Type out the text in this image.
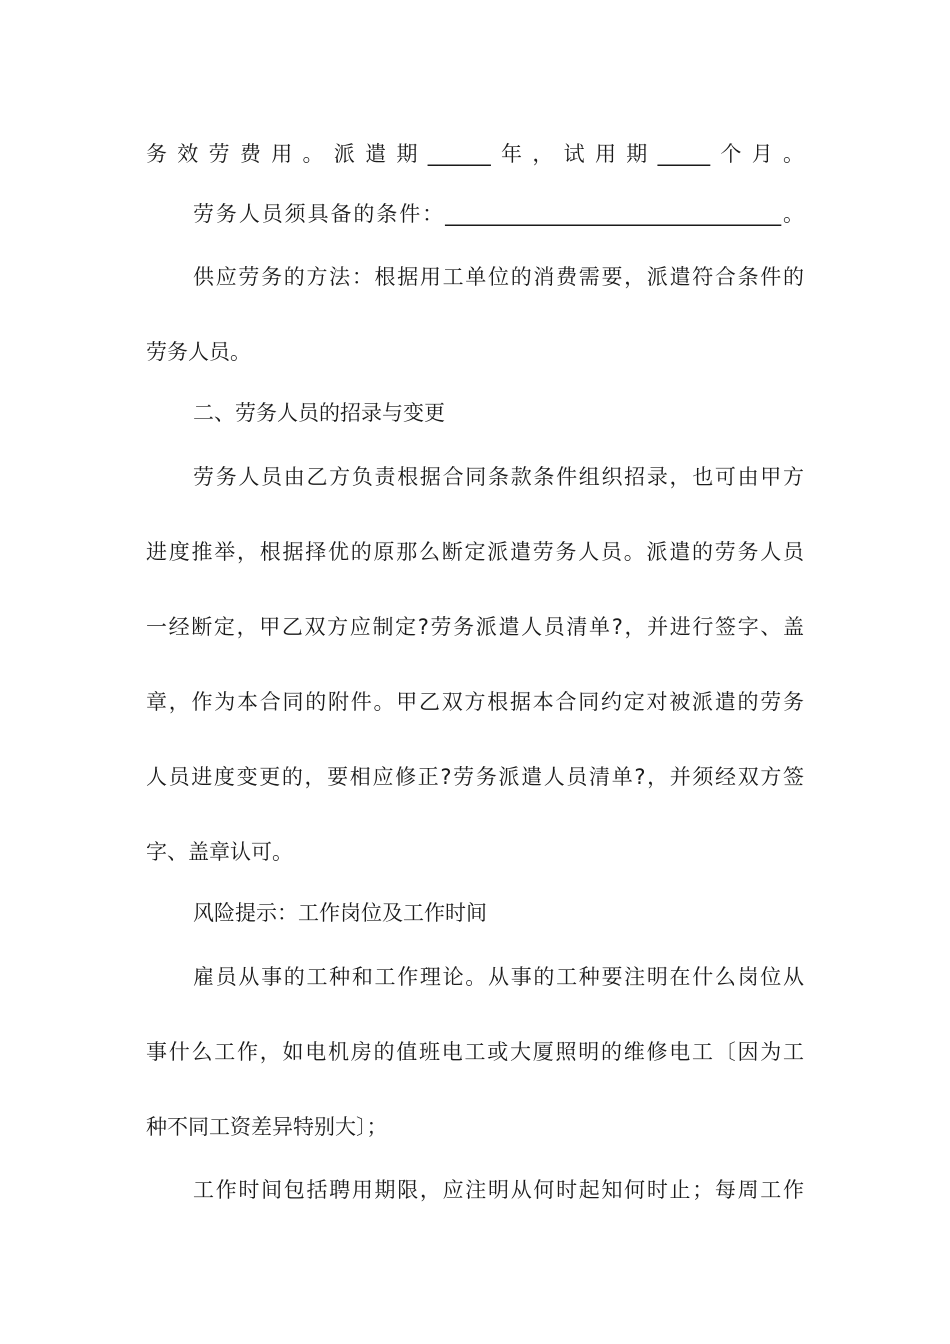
务效劳费用。派遣期______年，试用期_____个月。
劳务人员须具备的条件：________________________________。
供应劳务的方法：根据用工单位的消费需要，派遣符合条件的
劳务人员。
二、劳务人员的招录与变更
劳务人员由乙方负责根据合同条款条件组织招录，也可由甲方
进度推举，根据择优的原那么断定派遣劳务人员。派遣的劳务人员
一经断定，甲乙双方应制定?劳务派遣人员清单?，并进行签字、盖
章，作为本合同的附件。甲乙双方根据本合同约定对被派遣的劳务
人员进度变更的，要相应修正?劳务派遣人员清单?，并须经双方签
字、盖章认可。
风险提示：工作岗位及工作时间
雇员从事的工种和工作理论。从事的工种要注明在什么岗位从
事什么工作，如电机房的值班电工或大厦照明的维修电工〔因为工
种不同工资差异特别大〕；
工作时间包括聘用期限，应注明从何时起知何时止；每周工作
